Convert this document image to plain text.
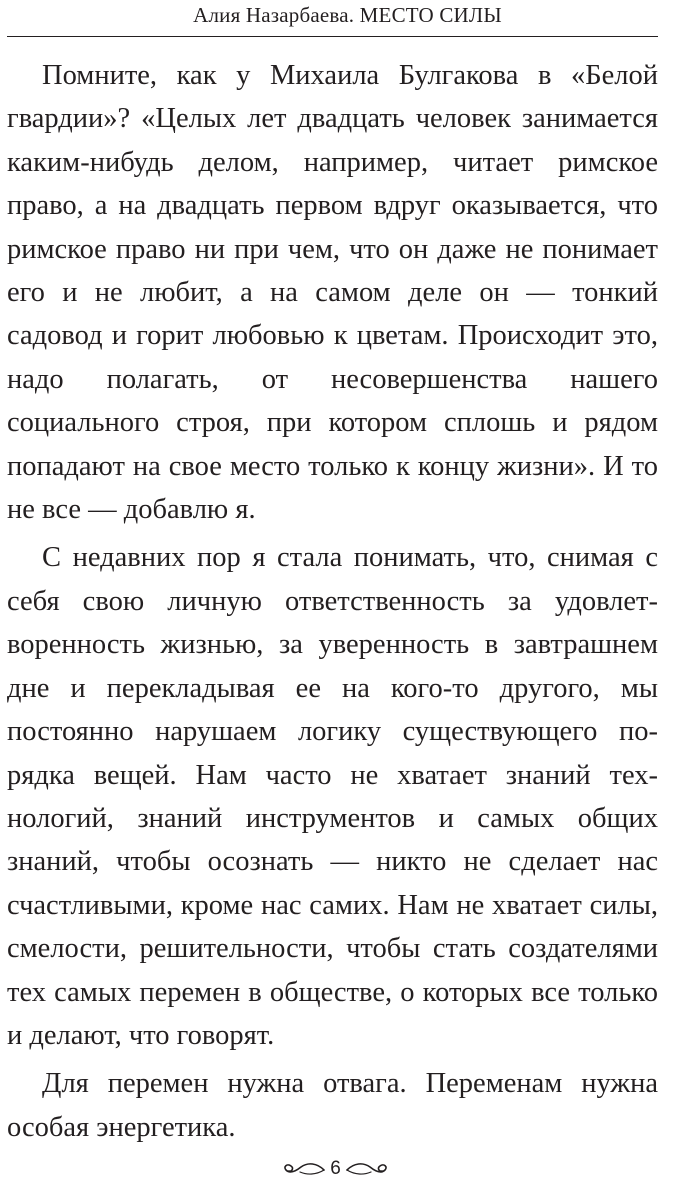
Алия Назарбаева. МЕСТО СИЛЫ

Помните, как у Михаила Булгакова в «Белой гвардии»? «Целых лет двадцать человек занимается каким-нибудь делом, например, читает римское право, а на двадцать первом вдруг оказывается, что римское право ни при чем, что он даже не понимает его и не любит, а на самом деле он — тонкий садовод и горит любовью к цветам. Происходит это, надо полагать, от несовершенства нашего социального строя, при котором сплошь и рядом попадают на свое место только к концу жизни». И то не все — добавлю я.

С недавних пор я стала понимать, что, снимая с себя свою личную ответственность за удовлетворенность жизнью, за уверенность в завтрашнем дне и перекладывая ее на кого-то другого, мы постоянно нарушаем логику существующего порядка вещей. Нам часто не хватает знаний технологий, знаний инструментов и самых общих знаний, чтобы осознать — никто не сделает нас счастливыми, кроме нас самих. Нам не хватает силы, смелости, решительности, чтобы стать создателями тех самых перемен в обществе, о которых все только и делают, что говорят.

Для перемен нужна отвага. Переменам нужна особая энергетика.

6
